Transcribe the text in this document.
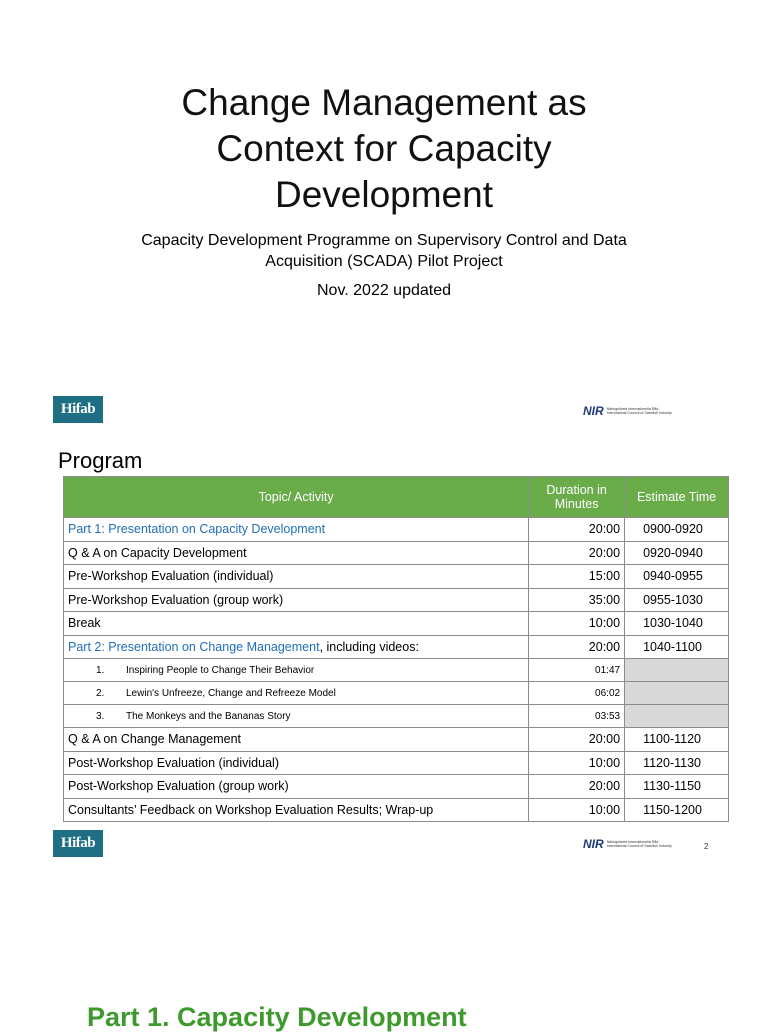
Change Management as
Context for Capacity
Development
Capacity Development Programme on Supervisory Control and Data
Acquisition (SCADA) Pilot Project
Nov. 2022 updated
Hifab	NIR Näringslivets Internationella Råd
International Council of Swedish Industry
Program
Topic/ Activity	Duration in Minutes	Estimate Time
Part 1: Presentation on Capacity Development	20:00	0900-0920
Q & A on Capacity Development	20:00	0920-0940
Pre-Workshop Evaluation (individual)	15:00	0940-0955
Pre-Workshop Evaluation (group work)	35:00	0955-1030
Break	10:00	1030-1040
Part 2: Presentation on Change Management, including videos:	20:00	1040-1100
1. Inspiring People to Change Their Behavior	01:47	
2. Lewin's Unfreeze, Change and Refreeze Model	06:02	
3. The Monkeys and the Bananas Story	03:53	
Q & A on Change Management	20:00	1100-1120
Post-Workshop Evaluation (individual)	10:00	1120-1130
Post-Workshop Evaluation (group work)	20:00	1130-1150
Consultants’ Feedback on Workshop Evaluation Results; Wrap-up	10:00	1150-1200
Hifab	NIR Näringslivets Internationella Råd
International Council of Swedish Industry	2
Part 1. Capacity Development
